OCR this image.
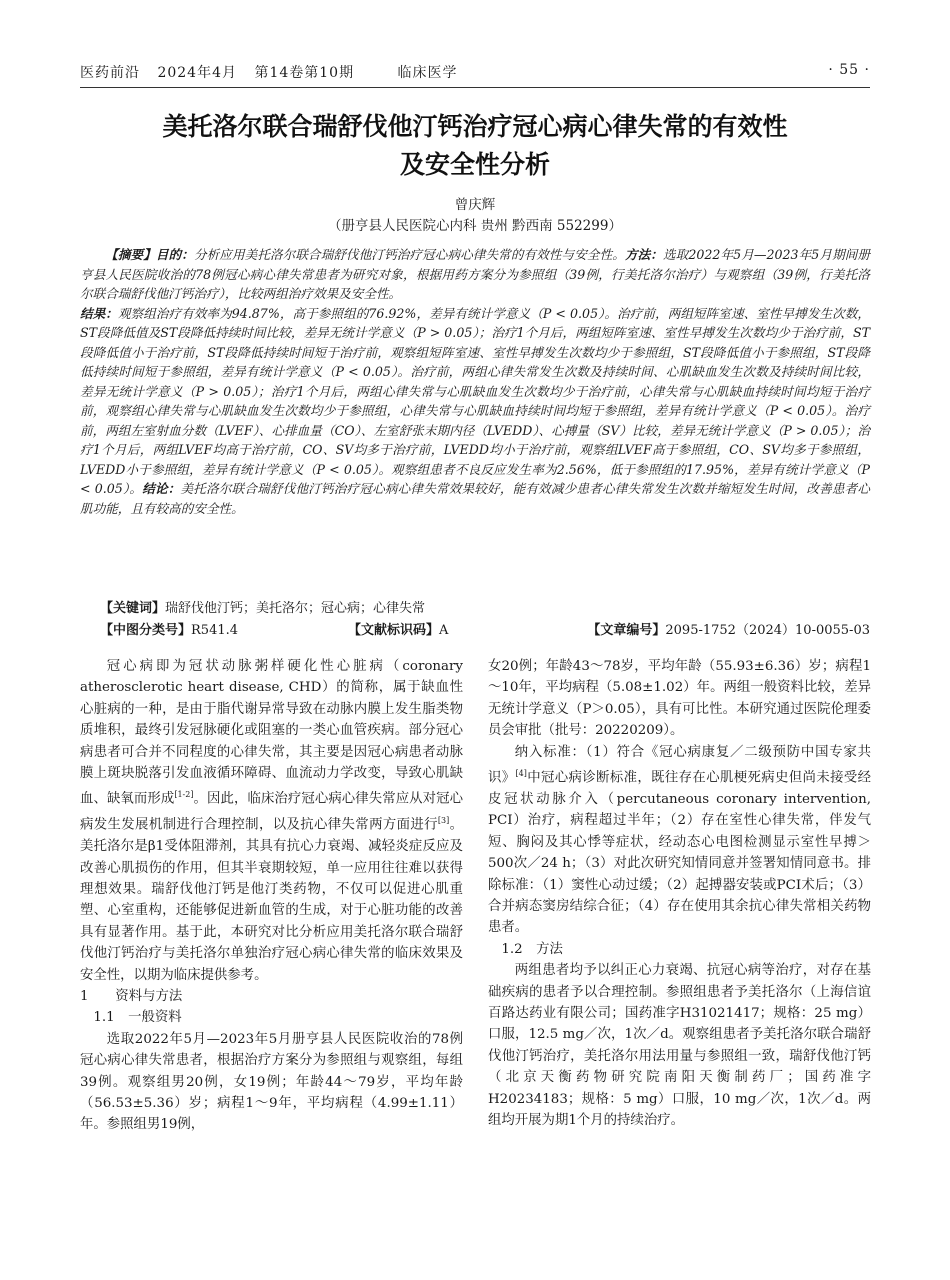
医药前沿 2024年4月 第14卷第10期	临床医学	· 55 ·
美托洛尔联合瑞舒伐他汀钙治疗冠心病心律失常的有效性
及安全性分析
曾庆辉
（册亨县人民医院心内科 贵州 黔西南 552299）
【摘要】目的：分析应用美托洛尔联合瑞舒伐他汀钙治疗冠心病心律失常的有效性与安全性。方法：选取2022年5月—2023年5月期间册亨县人民医院收治的78例冠心病心律失常患者为研究对象，根据用药方案分为参照组（39例，行美托洛尔治疗）与观察组（39例，行美托洛尔联合瑞舒伐他汀钙治疗），比较两组治疗效果及安全性。
结果：观察组治疗有效率为94.87%，高于参照组的76.92%，差异有统计学意义（P < 0.05）。治疗前，两组短阵室速、室性早搏发生次数，ST段降低值及ST段降低持续时间比较，差异无统计学意义（P > 0.05）；治疗1个月后，两组短阵室速、室性早搏发生次数均少于治疗前，ST段降低值小于治疗前，ST段降低持续时间短于治疗前，观察组短阵室速、室性早搏发生次数均少于参照组，ST段降低值小于参照组，ST段降低持续时间短于参照组，差异有统计学意义（P < 0.05）。治疗前，两组心律失常发生次数及持续时间、心肌缺血发生次数及持续时间比较，差异无统计学意义（P > 0.05）；治疗1个月后，两组心律失常与心肌缺血发生次数均少于治疗前，心律失常与心肌缺血持续时间均短于治疗前，观察组心律失常与心肌缺血发生次数均少于参照组，心律失常与心肌缺血持续时间均短于参照组，差异有统计学意义（P < 0.05）。治疗前，两组左室射血分数（LVEF）、心排血量（CO）、左室舒张末期内径（LVEDD）、心搏量（SV）比较，差异无统计学意义（P > 0.05）；治疗1个月后，两组LVEF均高于治疗前，CO、SV均多于治疗前，LVEDD均小于治疗前，观察组LVEF高于参照组，CO、SV均多于参照组，LVEDD小于参照组，差异有统计学意义（P < 0.05）。观察组患者不良反应发生率为2.56%，低于参照组的17.95%，差异有统计学意义（P < 0.05）。结论：美托洛尔联合瑞舒伐他汀钙治疗冠心病心律失常效果较好，能有效减少患者心律失常发生次数并缩短发生时间，改善患者心肌功能，且有较高的安全性。
【关键词】瑞舒伐他汀钙；美托洛尔；冠心病；心律失常
【中图分类号】R541.4	【文献标识码】A	【文章编号】2095-1752（2024）10-0055-03

冠心病即为冠状动脉粥样硬化性心脏病（coronary atherosclerotic heart disease, CHD）的简称，属于缺血性心脏病的一种，是由于脂代谢异常导致在动脉内膜上发生脂类物质堆积，最终引发冠脉硬化或阻塞的一类心血管疾病。部分冠心病患者可合并不同程度的心律失常，其主要是因冠心病患者动脉膜上斑块脱落引发血液循环障碍、血流动力学改变，导致心肌缺血、缺氧而形成[1-2]。因此，临床治疗冠心病心律失常应从对冠心病发生发展机制进行合理控制，以及抗心律失常两方面进行[3]。美托洛尔是β1受体阻滞剂，其具有抗心力衰竭、减轻炎症反应及改善心肌损伤的作用，但其半衰期较短，单一应用往往难以获得理想效果。瑞舒伐他汀钙是他汀类药物，不仅可以促进心肌重塑、心室重构，还能够促进新血管的生成，对于心脏功能的改善具有显著作用。基于此，本研究对比分析应用美托洛尔联合瑞舒伐他汀钙治疗与美托洛尔单独治疗冠心病心律失常的临床效果及安全性，以期为临床提供参考。

1　　资料与方法

1.1　一般资料

选取2022年5月—2023年5月册亨县人民医院收治的78例冠心病心律失常患者，根据治疗方案分为参照组与观察组，每组39例。观察组男20例，女19例；年龄44～79岁，平均年龄（56.53±5.36）岁；病程1～9年，平均病程（4.99±1.11）年。参照组男19例，

女20例；年龄43～78岁，平均年龄（55.93±6.36）岁；病程1～10年，平均病程（5.08±1.02）年。两组一般资料比较，差异无统计学意义（P＞0.05），具有可比性。本研究通过医院伦理委员会审批（批号：20220209）。

纳入标准：（1）符合《冠心病康复／二级预防中国专家共识》[4]中冠心病诊断标准，既往存在心肌梗死病史但尚未接受经皮冠状动脉介入（percutaneous coronary intervention, PCI）治疗，病程超过半年；（2）存在室性心律失常，伴发气短、胸闷及其心悸等症状，经动态心电图检测显示室性早搏＞500次／24 h；（3）对此次研究知情同意并签署知情同意书。排除标准：（1）窦性心动过缓；（2）起搏器安装或PCI术后；（3）合并病态窦房结综合征；（4）存在使用其余抗心律失常相关药物患者。

1.2　方法

两组患者均予以纠正心力衰竭、抗冠心病等治疗，对存在基础疾病的患者予以合理控制。参照组患者予美托洛尔（上海信谊百路达药业有限公司；国药准字H31021417；规格：25 mg）口服，12.5 mg／次，1次／d。观察组患者予美托洛尔联合瑞舒伐他汀钙治疗，美托洛尔用法用量与参照组一致，瑞舒伐他汀钙（北京天衡药物研究院南阳天衡制药厂；国药准字H20234183；规格：5 mg）口服，10 mg／次，1次／d。两组均开展为期1个月的持续治疗。
